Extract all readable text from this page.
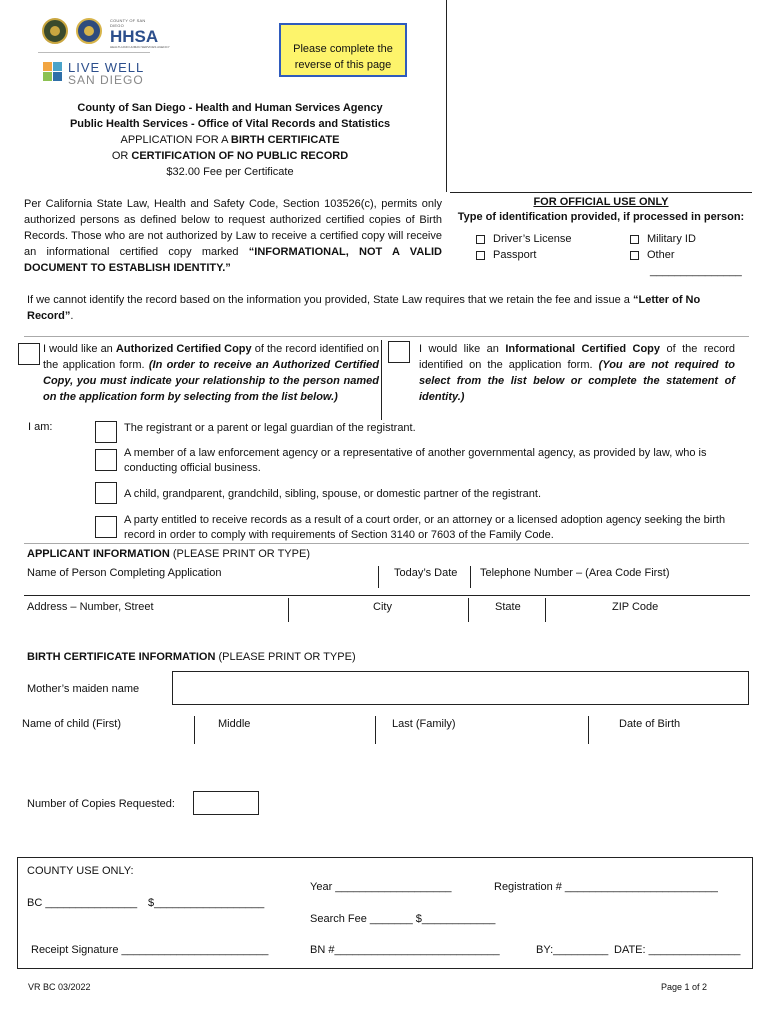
COUNTY OF SAN DIEGO
HHSA
HEALTH AND HUMAN SERVICES AGENCY
LIVE WELL
SAN DIEGO
Please complete the
reverse of this page
County of San Diego - Health and Human Services Agency
Public Health Services - Office of Vital Records and Statistics
APPLICATION FOR A BIRTH CERTIFICATE
OR CERTIFICATION OF NO PUBLIC RECORD
$32.00 Fee per Certificate
Per California State Law, Health and Safety Code, Section 103526(c), permits only authorized persons as defined below to request authorized certified copies of Birth Records. Those who are not authorized by Law to receive a certified copy will receive an informational certified copy marked “INFORMATIONAL, NOT A VALID DOCUMENT TO ESTABLISH IDENTITY.”
FOR OFFICIAL USE ONLY
Type of identification provided, if processed in person:
Driver’s License
Passport
Military ID
Other
_______________
If we cannot identify the record based on the information you provided, State Law requires that we retain the fee and issue a “Letter of No Record”.
I would like an Authorized Certified Copy of the record identified on the application form. (In order to receive an Authorized Certified Copy, you must indicate your relationship to the person named on the application form by selecting from the list below.)
I would like an Informational Certified Copy of the record identified on the application form. (You are not required to select from the list below or complete the statement of identity.)
I am:	The registrant or a parent or legal guardian of the registrant.
A member of a law enforcement agency or a representative of another governmental agency, as provided by law, who is conducting official business.
A child, grandparent, grandchild, sibling, spouse, or domestic partner of the registrant.
A party entitled to receive records as a result of a court order, or an attorney or a licensed adoption agency seeking the birth record in order to comply with requirements of Section 3140 or 7603 of the Family Code.
APPLICANT INFORMATION (PLEASE PRINT OR TYPE)
Name of Person Completing Application	Today’s Date Telephone Number – (Area Code First)
Address – Number, Street	City	State	ZIP Code
BIRTH CERTIFICATE INFORMATION (PLEASE PRINT OR TYPE)
Mother’s maiden name
Name of child (First)	Middle	Last (Family)	Date of Birth
Number of Copies Requested:
COUNTY USE ONLY:
Year ___________________	Registration # _________________________
BC _______________ $__________________
Search Fee _______ $____________
Receipt Signature ________________________	BN #___________________________	BY:_________ DATE: _______________
VR BC 03/2022	Page 1 of 2
